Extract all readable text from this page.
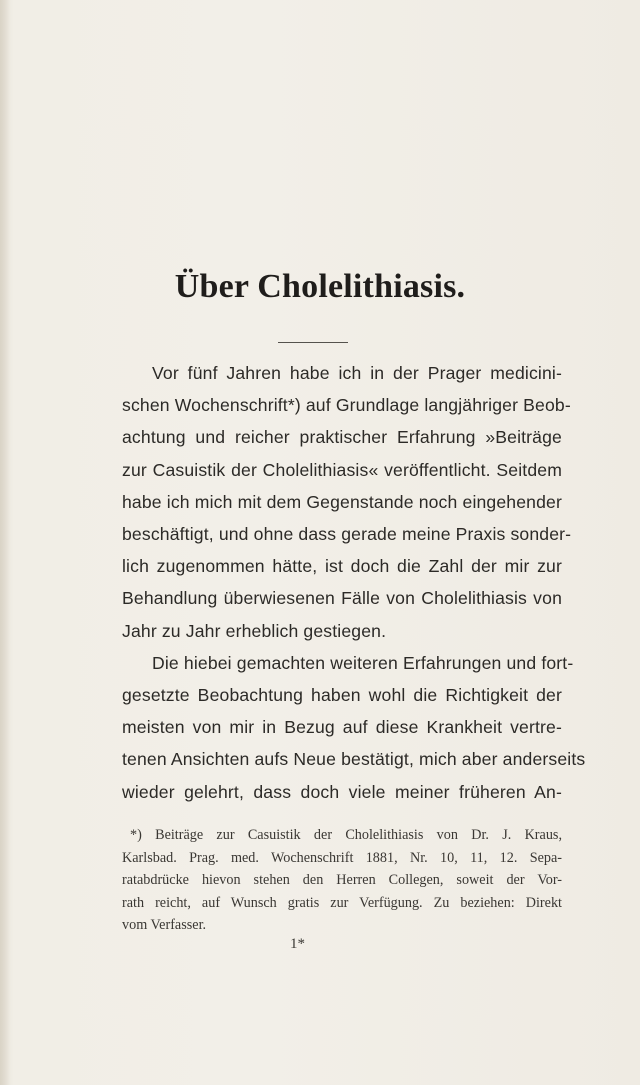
Über Cholelithiasis.

Vor fünf Jahren habe ich in der Prager medicini-
schen Wochenschrift*) auf Grundlage langjähriger Beob-
achtung und reicher praktischer Erfahrung »Beiträge
zur Casuistik der Cholelithiasis« veröffentlicht. Seitdem
habe ich mich mit dem Gegenstande noch eingehender
beschäftigt, und ohne dass gerade meine Praxis sonder-
lich zugenommen hätte, ist doch die Zahl der mir zur
Behandlung überwiesenen Fälle von Cholelithiasis von
Jahr zu Jahr erheblich gestiegen.

Die hiebei gemachten weiteren Erfahrungen und fort-
gesetzte Beobachtung haben wohl die Richtigkeit der
meisten von mir in Bezug auf diese Krankheit vertre-
tenen Ansichten aufs Neue bestätigt, mich aber anderseits
wieder gelehrt, dass doch viele meiner früheren An-

*) Beiträge zur Casuistik der Cholelithiasis von Dr. J. Kraus,
Karlsbad. Prag. med. Wochenschrift 1881, Nr. 10, 11, 12. Sepa-
ratabdrücke hievon stehen den Herren Collegen, soweit der Vor-
rath reicht, auf Wunsch gratis zur Verfügung. Zu beziehen: Direkt
vom Verfasser.
1*
